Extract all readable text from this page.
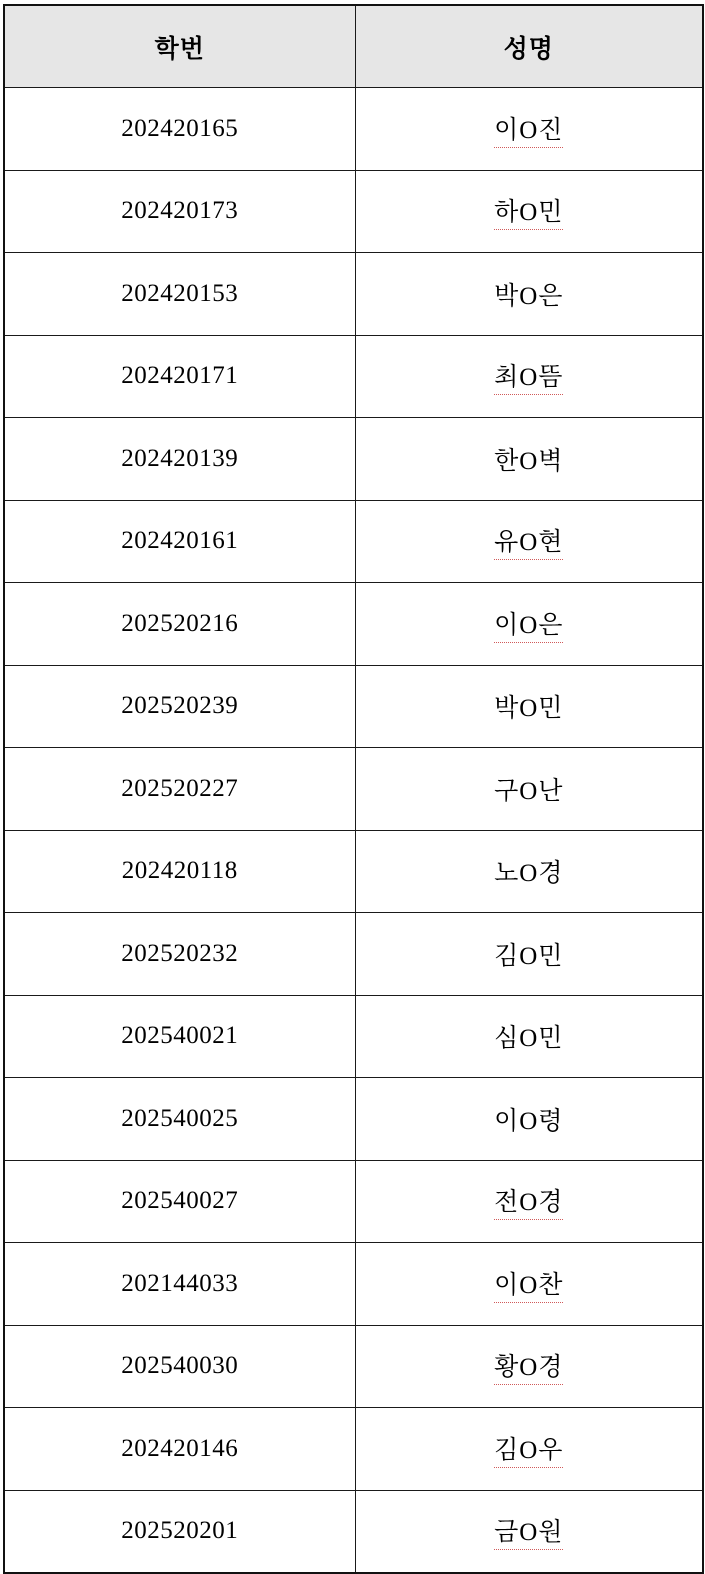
학번	성명
202420165	이O진
202420173	하O민
202420153	박O은
202420171	최O뜸
202420139	한O벽
202420161	유O현
202520216	이O은
202520239	박O민
202520227	구O난
202420118	노O경
202520232	김O민
202540021	심O민
202540025	이O령
202540027	전O경
202144033	이O찬
202540030	황O경
202420146	김O우
202520201	금O원
